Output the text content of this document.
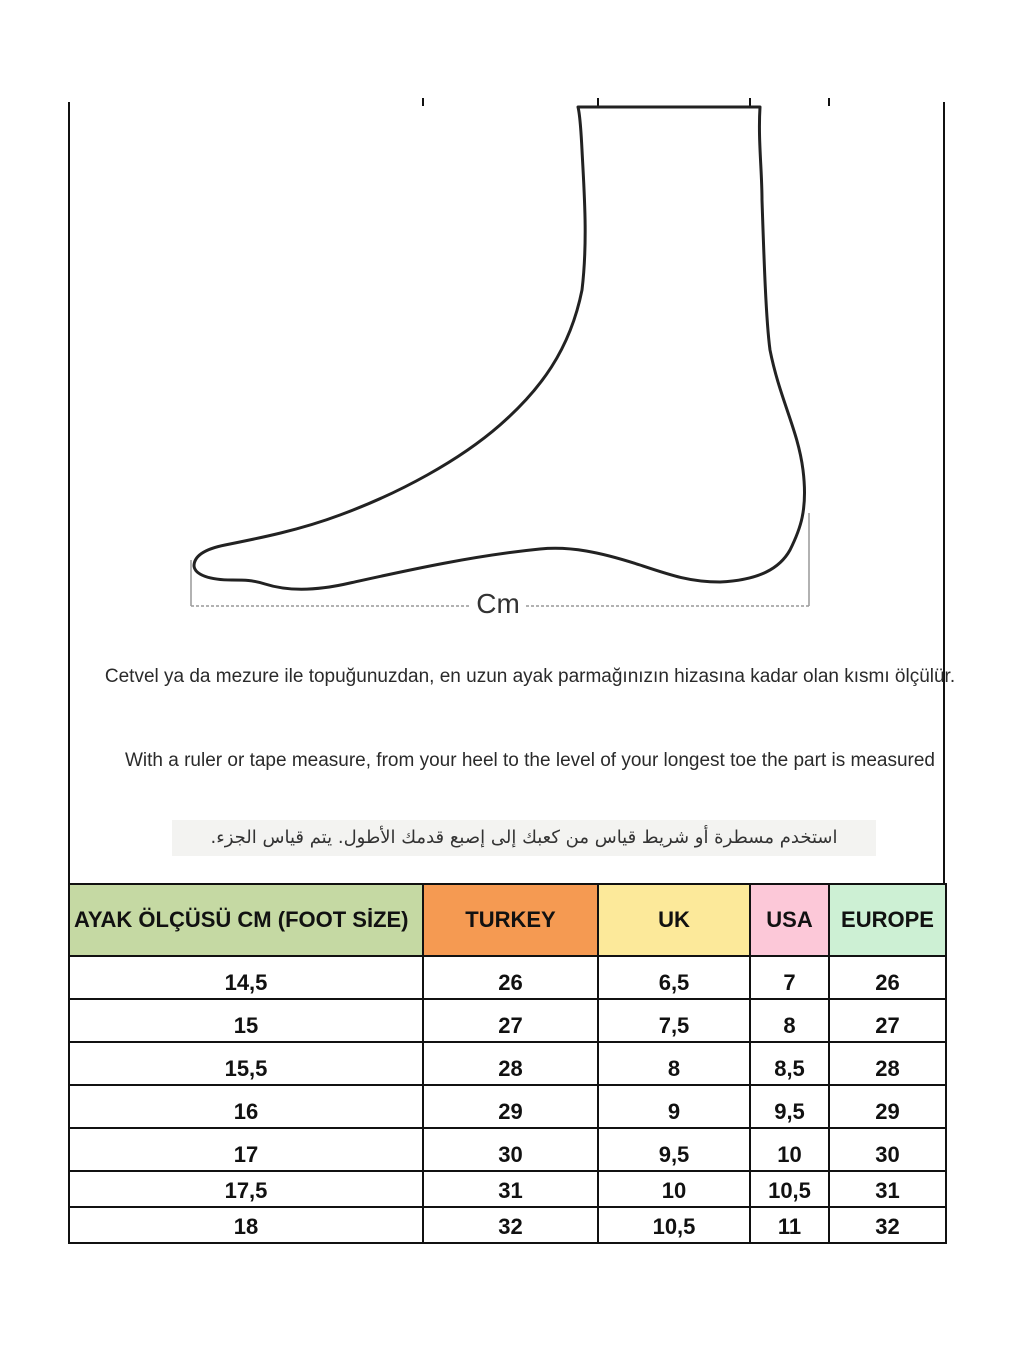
Cm
Cetvel ya da mezure ile topuğunuzdan, en uzun ayak parmağınızın hizasına kadar olan kısmı ölçülür.
With a ruler or tape measure, from your heel to the level of your longest toe the part is measured
استخدم مسطرة أو شريط قياس من كعبك إلى إصبع قدمك الأطول. يتم قياس الجزء.
AYAK ÖLÇÜSÜ CM (FOOT SİZE)	TURKEY	UK	USA	EUROPE
14,5	26	6,5	7	26
15	27	7,5	8	27
15,5	28	8	8,5	28
16	29	9	9,5	29
17	30	9,5	10	30
17,5	31	10	10,5	31
18	32	10,5	11	32
